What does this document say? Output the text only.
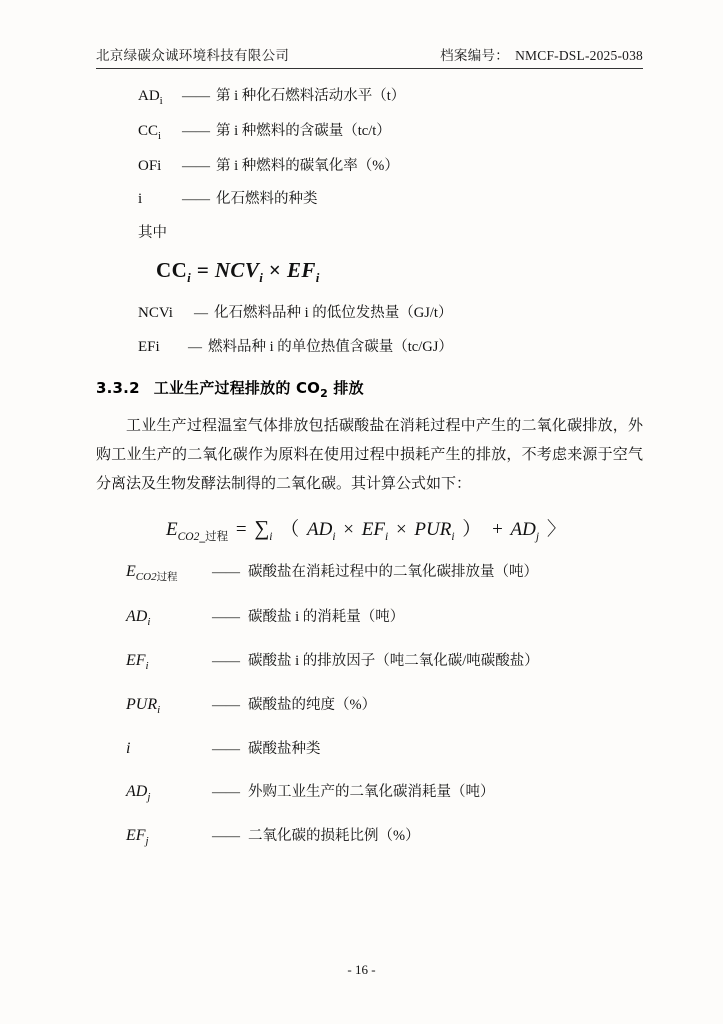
北京绿碳众诚环境科技有限公司	档案编号： NMCF-DSL-2025-038
$AD_i$	—— 第 i 种化石燃料活动水平（t）
$CC_i$	—— 第 i 种燃料的含碳量（tc/t）
OFi	—— 第 i 种燃料的碳氧化率（%）
i	—— 化石燃料的种类
其中
$CC_i = NCV_i \times EF_i$
NCVi	— 化石燃料品种 i 的低位发热量（GJ/t）
EFi	— 燃料品种 i 的单位热值含碳量（tc/GJ）
3.3.2 工业生产过程排放的 $CO_2$ 排放
工业生产过程温室气体排放包括碳酸盐在消耗过程中产生的二氧化碳排放，外购工业生产的二氧化碳作为原料在使用过程中损耗产生的排放，不考虑来源于空气分离法及生物发酵法制得的二氧化碳。其计算公式如下：
$E_{CO2\_过程} = \sum_i$ （ $AD_i \times EF_i \times PUR_i$ ） + $AD_j$ 〉
$E_{CO2过程}$	—— 碳酸盐在消耗过程中的二氧化碳排放量（吨）
$AD_i$	—— 碳酸盐 i 的消耗量（吨）
$EF_i$	—— 碳酸盐 i 的排放因子（吨二氧化碳/吨碳酸盐）
$PUR_i$	—— 碳酸盐的纯度（%）
i	—— 碳酸盐种类
$AD_j$	—— 外购工业生产的二氧化碳消耗量（吨）
$EF_j$	—— 二氧化碳的损耗比例（%）
- 16 -
